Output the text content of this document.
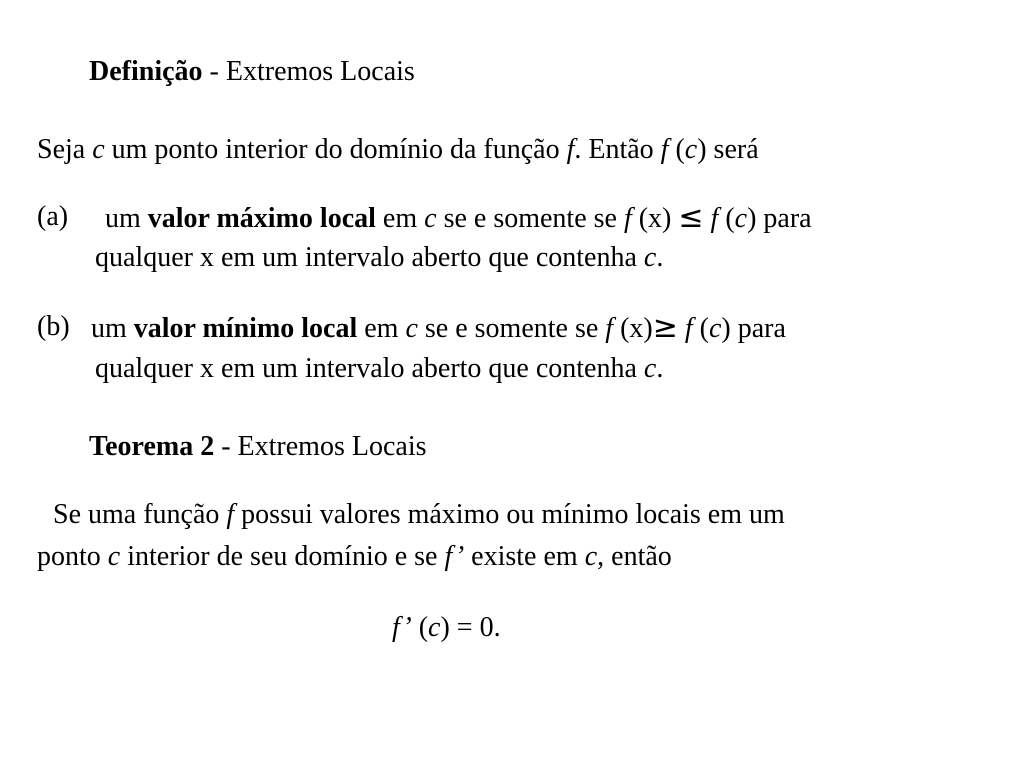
Definição - Extremos Locais
Seja c um ponto interior do domínio da função f. Então f (c) será
(a) um valor máximo local em c se e somente se f (x) ≤ f (c) para
qualquer x em um intervalo aberto que contenha c.
(b) um valor mínimo local em c se e somente se f (x)≥ f (c) para
qualquer x em um intervalo aberto que contenha c.
Teorema 2 - Extremos Locais
Se uma função f possui valores máximo ou mínimo locais em um
ponto c interior de seu domínio e se f’ existe em c, então
f’ (c) = 0.
